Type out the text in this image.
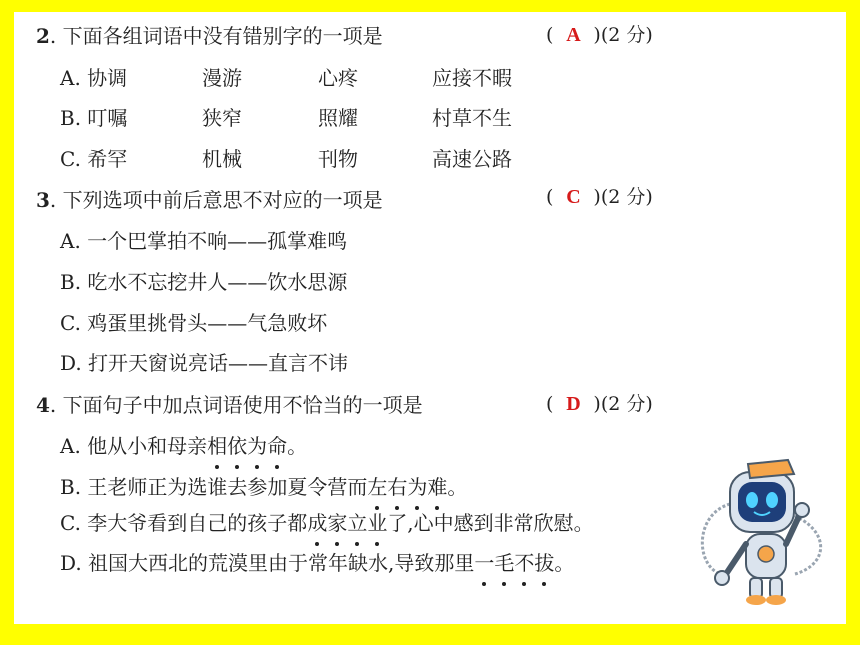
2. 下面各组词语中没有错别字的一项是	( A )(2 分)
A. 协调	漫游	心疼	应接不暇
B. 叮嘱	狭窄	照耀	村草不生
C. 希罕	机械	刊物	高速公路
3. 下列选项中前后意思不对应的一项是	( C )(2 分)
A. 一个巴掌拍不响——孤掌难鸣
B. 吃水不忘挖井人——饮水思源
C. 鸡蛋里挑骨头——气急败坏
D. 打开天窗说亮话——直言不讳
4. 下面句子中加点词语使用不恰当的一项是	( D )(2 分)
A. 他从小和母亲相依为命。
B. 王老师正为选谁去参加夏令营而左右为难。
C. 李大爷看到自己的孩子都成家立业了,心中感到非常欣慰。
D. 祖国大西北的荒漠里由于常年缺水,导致那里一毛不拔。
